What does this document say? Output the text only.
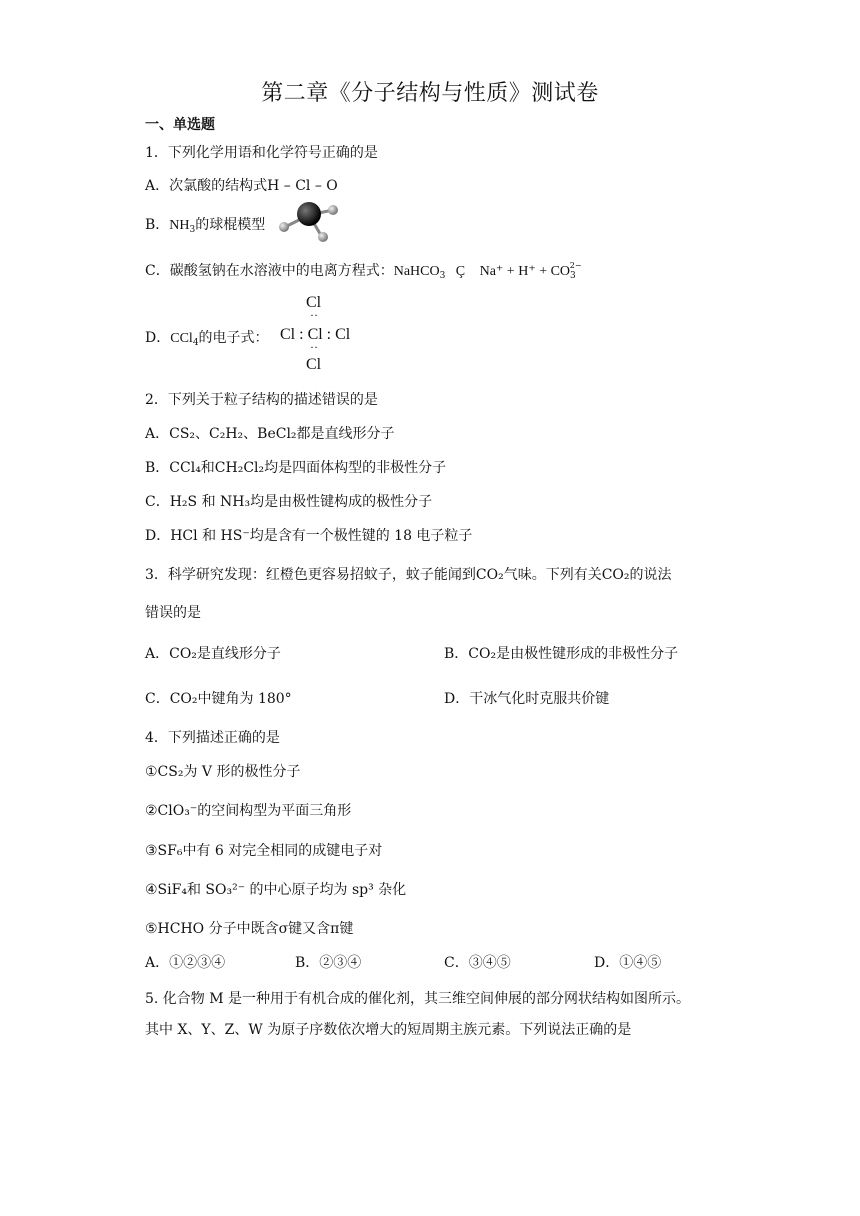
第二章《分子结构与性质》测试卷
一、单选题
1．下列化学用语和化学符号正确的是
A．次氯酸的结构式H – Cl – O
B．$NH_3$的球棍模型
C．碳酸氢钠在水溶液中的电离方程式：NaHCO$_3$ Ç $Na^+ + H^+ + CO_3^{2-}$
D．CCl$_4$的电子式：
Cl
··
Cl : Cl : Cl
··
Cl
2．下列关于粒子结构的描述错误的是
A．CS₂、C₂H₂、BeCl₂都是直线形分子
B．CCl₄和CH₂Cl₂均是四面体构型的非极性分子
C．H₂S 和 NH₃均是由极性键构成的极性分子
D．HCl 和 HS⁻均是含有一个极性键的 18 电子粒子
3．科学研究发现：红橙色更容易招蚊子，蚊子能闻到CO₂气味。下列有关CO₂的说法
错误的是
A．CO₂是直线形分子	B．CO₂是由极性键形成的非极性分子
C．CO₂中键角为 180°	D．干冰气化时克服共价键
4．下列描述正确的是
①CS₂为 V 形的极性分子
②ClO₃⁻的空间构型为平面三角形
③SF₆中有 6 对完全相同的成键电子对
④SiF₄和 SO₃²⁻ 的中心原子均为 sp³ 杂化
⑤HCHO 分子中既含σ键又含π键
A．①②③④	B．②③④	C．③④⑤	D．①④⑤
5. 化合物 M 是一种用于有机合成的催化剂，其三维空间伸展的部分网状结构如图所示。
其中 X、Y、Z、W 为原子序数依次增大的短周期主族元素。下列说法正确的是
